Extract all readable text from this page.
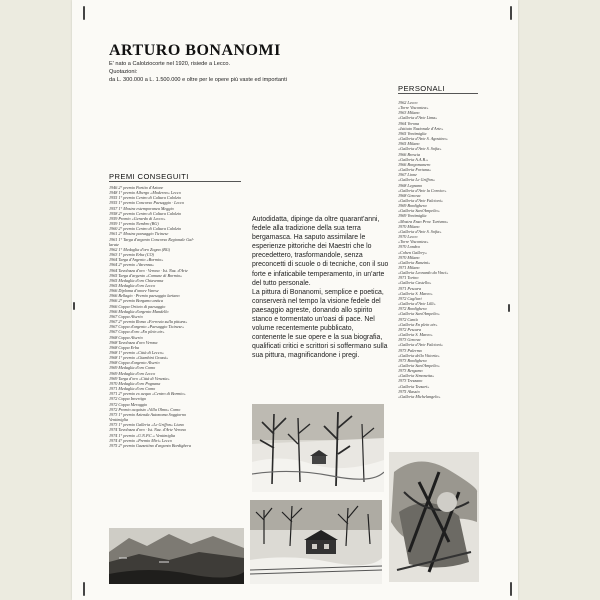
ARTURO BONANOMI
E' nato a Calolziocorte nel 1920, risiede a Lecco.
Quotazioni:
da L. 300.000 a L. 1.500.000 e oltre per le opere più vaste ed importanti
PERSONALI
PREMI CONSEGUITI
1946 2° premio Partito d'Azione
1948 1° premio Albergo «Moderno» Lecco
1955 1° premio Centro di Cultura Calolzio
1955 1° premio Concorso Paesaggio · Lecco
1957 1° Mostra estemporanea Meggio
1958 2° premio Centro di Cultura Calolzio
1959 Premio «Gerardo di Lecco»
1959 1° premio Nembro (BG)
1960 2° premio Centro di Cultura Calolzio
1961 2° Mostra paesaggio Ticinese
1961 1° Targa d'argento Concorso Regionale Gal-
larate
1962 1° Medaglia d'oro Zogno (BG)
1963 1° premio Erba (CO)
1964 Targa d'Argento «Bormio»
1964 2° premio «Varenna»
1964 Tavolozza d'oro · Verona · Ist. Naz. d'Arte
1965 Targa d'argento «Comune di Bormio»
1965 Medaglia d'oro Chiavenna
1965 Medaglia d'oro Lecco
1966 Diploma d'onore Varese
1966 Bellagio · Premio paesaggio lariano
1966 2° premio Borgamo antica
1966 Coppa Oriteto di paesaggio
1966 Medaglia d'argento Mandello
1967 Coppa Alserio
1967 2° premio Roma «Ferrovia sulla pittura»
1967 Coppa d'argento «Paesaggio Ticinese»
1967 Coppa d'oro «En plein air»
1968 Coppa Alserio
1968 Tavolozza d'oro Verona
1968 Coppa Erba
1968 1° premio «Città di Lecco»
1968 1° premio «Giambini Grassi»
1968 Coppa d'argento Alserio
1969 Medaglia d'oro Como
1969 Medaglia d'oro Lecco
1969 Targa d'oro «Città di Venezia»
1970 Medaglia d'oro Pognana
1971 Medaglia d'oro Como
1971 2° premio ex aequo «Centro di Bormio»
1972 Coppa Invertigo
1972 Coppa Meraggio
1972 Premio acquisto «Villa Olmo» Como
1973 1° premio Azienda Autonoma Soggiorno
Ventimiglia
1973 1° premio Galleria «Le Griffon» Liuno
1974 Tavolozza d'oro · Ist. Naz. d'Arte Verona
1974 1° premio «U.N.P.C.» Ventimiglia
1974 4° premio «Premio Miri» Lecco
1975 2° premio Gazzettino d'argento Bordighera
1962 Lecco
«Torre Viscontea»
1963 Milano
«Galleria d'Arte Lima»
1964 Verona
«Istituto Nazionale d'Arte»
1965 Ventimiglia
«Galleria d'Arte S. Agostino»
1965 Milano
«Galleria d'Arte S. Sofia»
1966 Brescia
«Galleria A.A.B.»
1966 Borgomanero
«Galleria Fortuna»
1967 Lione
«Galleria Le Griffon»
1968 Legnano
«Galleria d'Arte la Cornice»
1968 Genova
«Galleria d'Arte Falcioni»
1969 Bordighera
«Galleria Sant'Ampelio»
1969 Ventimiglia
«Mostra Enzo Prov. Turismo»
1970 Milano
«Galleria d'Arte S. Sofia»
1970 Lecco
«Torre Viscontea»
1970 Londra
«Cohen Gallery»
1970 Milano
«Galleria Ranzini»
1971 Milano
«Galleria Leonardo da Vinci»
1971 Torino
«Galleria Castello»
1971 Pescara
«Galleria S. Marco»
1972 Cagliari
«Galleria d'Arte Lilli»
1972 Bordighera
«Galleria Sant'Ampelio»
1972 Cantù
«Galleria En plein air»
1972 Pescara
«Galleria S. Marco»
1973 Genova
«Galleria d'Arte Falcioni»
1973 Palermo
«Galleria della Vittoria»
1973 Bordighera
«Galleria Sant'Ampelio»
1973 Bergamo
«Galleria Simonetta»
1973 Trezzano
«Galleria Tezzari»
1975 Alassio
«Galleria Michelangelo»

Autodidatta, dipinge da oltre quarant'anni, fedele alla tradizione della sua terra bergamasca. Ha saputo assimilare le esperienze pittoriche dei Maestri che lo precedettero, trasformandole, senza preconcetti di scuole o di tecniche, con il suo forte e infaticabile temperamento, in un'arte del tutto personale.

La pittura di Bonanomi, semplice e poetica, conserverà nel tempo la visione fedele del paesaggio agreste, donando allo spirito stanco e tormentato un'oasi di pace. Nel volume recentemente pubblicato, contenente le sue opere e la sua biografia, qualificati critici e scrittori si soffermano sulla sua pittura, magnificandone i pregi.
